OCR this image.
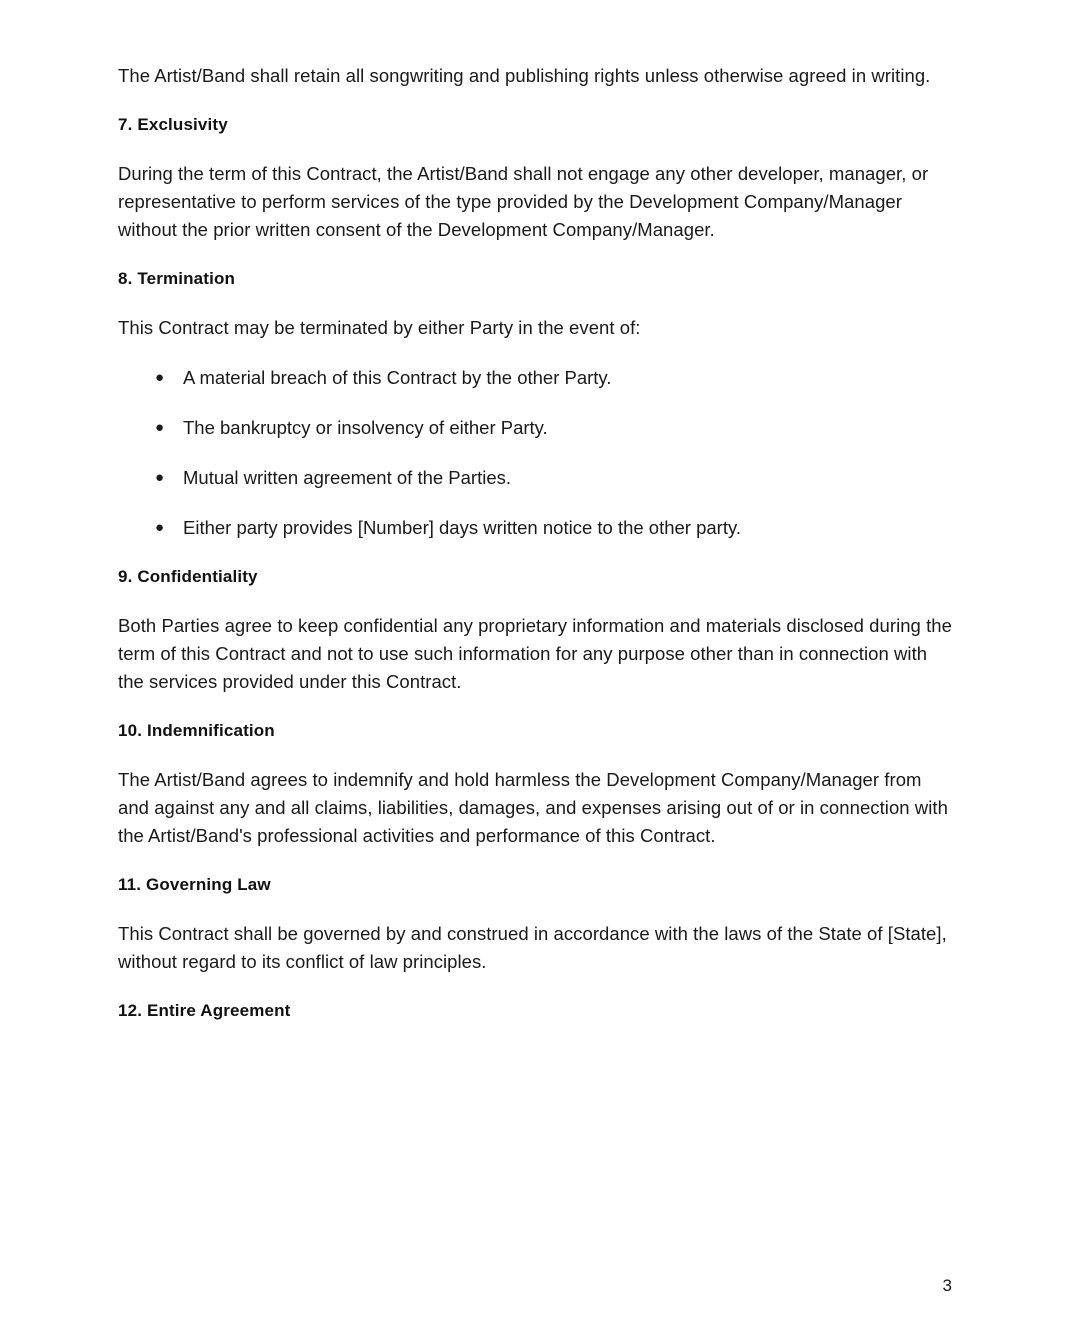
The Artist/Band shall retain all songwriting and publishing rights unless otherwise agreed in writing.

7. Exclusivity

During the term of this Contract, the Artist/Band shall not engage any other developer, manager, or representative to perform services of the type provided by the Development Company/Manager without the prior written consent of the Development Company/Manager.

8. Termination

This Contract may be terminated by either Party in the event of:

● A material breach of this Contract by the other Party.
● The bankruptcy or insolvency of either Party.
● Mutual written agreement of the Parties.
● Either party provides [Number] days written notice to the other party.
9. Confidentiality

Both Parties agree to keep confidential any proprietary information and materials disclosed during the term of this Contract and not to use such information for any purpose other than in connection with the services provided under this Contract.

10. Indemnification

The Artist/Band agrees to indemnify and hold harmless the Development Company/Manager from and against any and all claims, liabilities, damages, and expenses arising out of or in connection with the Artist/Band's professional activities and performance of this Contract.

11. Governing Law

This Contract shall be governed by and construed in accordance with the laws of the State of [State], without regard to its conflict of law principles.

12. Entire Agreement
3
